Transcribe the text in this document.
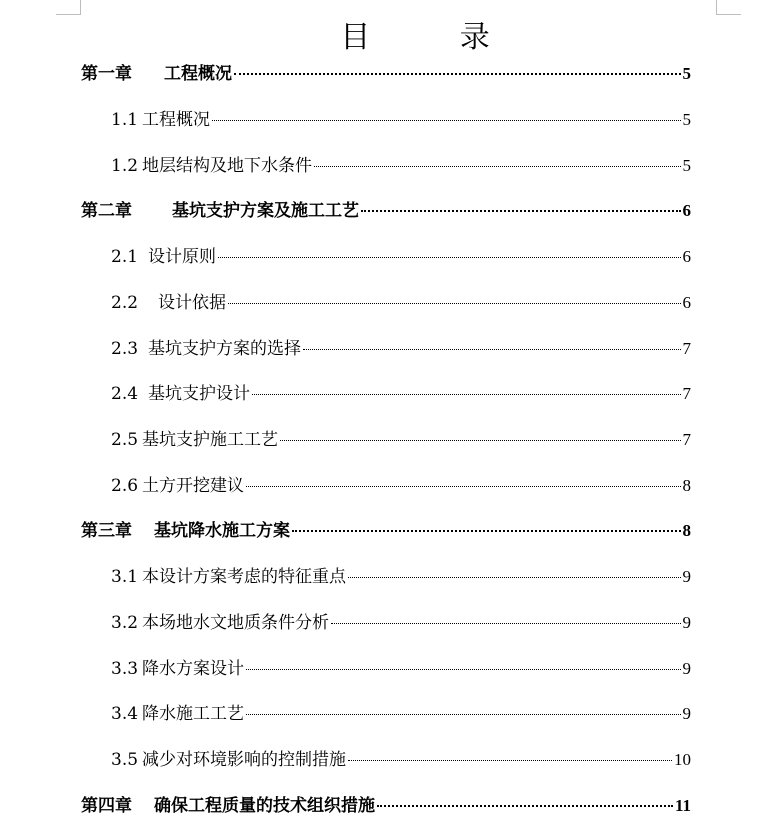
目 录
第一章 工程概况	5
1.1 工程概况	5
1.2 地层结构及地下水条件	5
第二章 基坑支护方案及施工工艺	6
2.1 设计原则	6
2.2 设计依据	6
2.3 基坑支护方案的选择	7
2.4 基坑支护设计	7
2.5 基坑支护施工工艺	7
2.6 土方开挖建议	8
第三章 基坑降水施工方案	8
3.1 本设计方案考虑的特征重点	9
3.2 本场地水文地质条件分析	9
3.3 降水方案设计	9
3.4 降水施工工艺	9
3.5 减少对环境影响的控制措施	10
第四章 确保工程质量的技术组织措施	11
